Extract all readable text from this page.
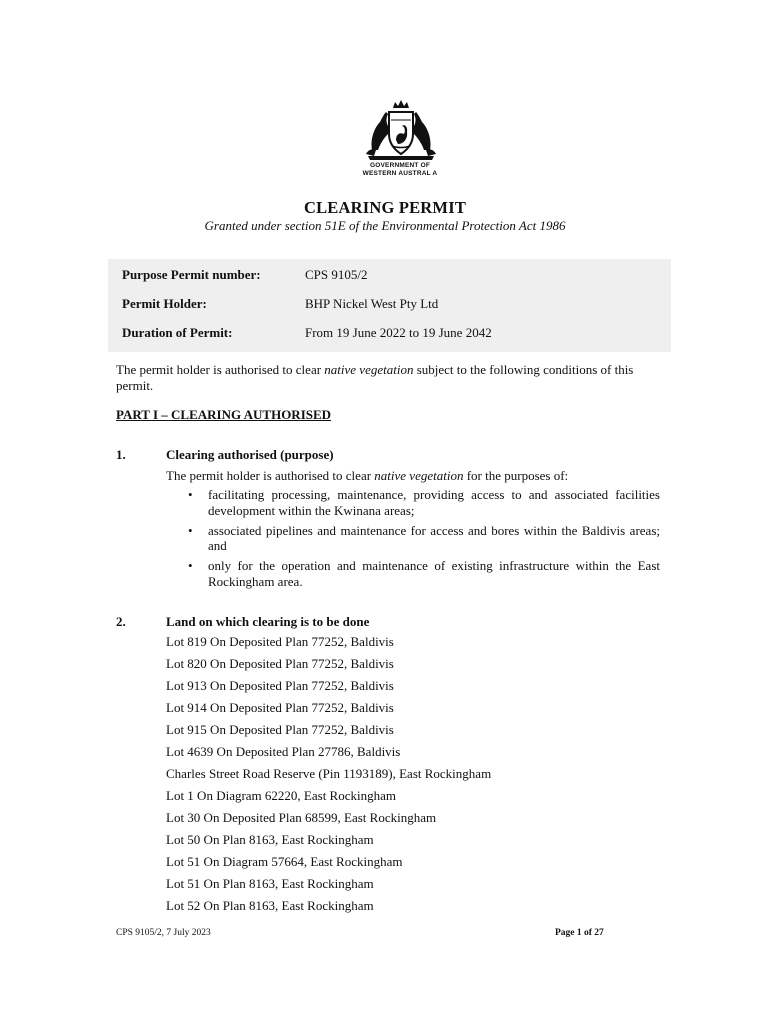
GOVERNMENT OF
WESTERN AUSTRAL A
CLEARING PERMIT
Granted under section 51E of the Environmental Protection Act 1986
Purpose Permit number:	CPS 9105/2
Permit Holder:	BHP Nickel West Pty Ltd
Duration of Permit:	From 19 June 2022 to 19 June 2042
The permit holder is authorised to clear native vegetation subject to the following conditions of this permit.
PART I – CLEARING AUTHORISED
1.	Clearing authorised (purpose)
The permit holder is authorised to clear native vegetation for the purposes of:
• facilitating processing, maintenance, providing access to and associated facilities development within the Kwinana areas;
• associated pipelines and maintenance for access and bores within the Baldivis areas; and
• only for the operation and maintenance of existing infrastructure within the East Rockingham area.
2.	Land on which clearing is to be done
Lot 819 On Deposited Plan 77252, Baldivis
Lot 820 On Deposited Plan 77252, Baldivis
Lot 913 On Deposited Plan 77252, Baldivis
Lot 914 On Deposited Plan 77252, Baldivis
Lot 915 On Deposited Plan 77252, Baldivis
Lot 4639 On Deposited Plan 27786, Baldivis
Charles Street Road Reserve (Pin 1193189), East Rockingham
Lot 1 On Diagram 62220, East Rockingham
Lot 30 On Deposited Plan 68599, East Rockingham
Lot 50 On Plan 8163, East Rockingham
Lot 51 On Diagram 57664, East Rockingham
Lot 51 On Plan 8163, East Rockingham
Lot 52 On Plan 8163, East Rockingham
CPS 9105/2, 7 July 2023	Page 1 of 27
